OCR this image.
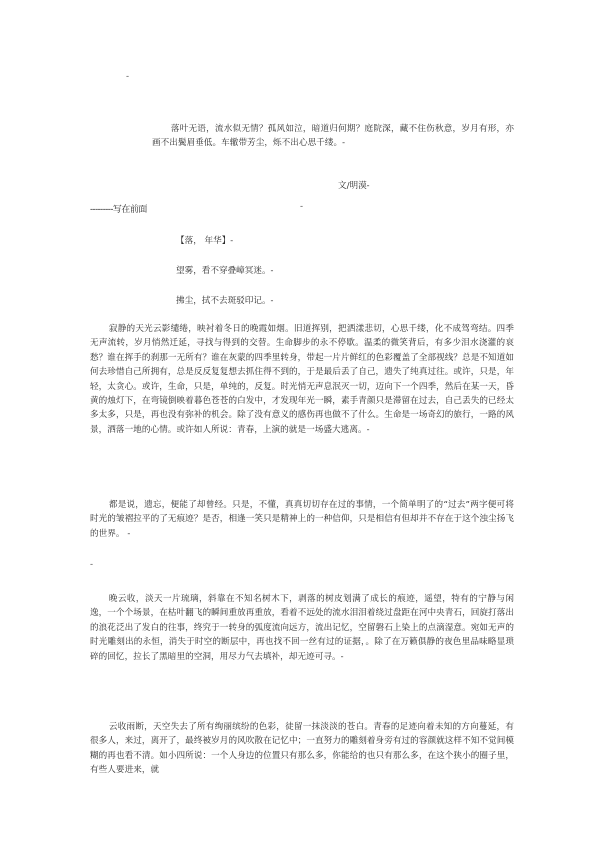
-

落叶无语，流水似无情？孤风如泣，暗道归何期？庭院深，藏不住伤秋意，岁月有形，亦画不出鬓眉垂低。车辙带芳尘，烁不出心思千缕。-

文/明漠-
---------写在前面	-
【落， 年华】-
望雾，看不穿叠嶂冥迷。-
拂尘，拭不去斑驳印记。-

寂静的天光云影缱绻，映衬着冬日的晚霞如烟。旧道挥别，把洒漾悲切，心思千缕，化不成驾弯结。四季无声流转，岁月悄然迁延，寻找与得到的交替。生命脚步的永不停歇。温柔的微笑背后，有多少泪水浇灌的哀愁？谁在挥手的刹那一无所有？谁在灰蒙的四季里转身，带起一片片鲜红的色彩覆盖了全部视线？总是不知道如何去珍惜自己所拥有，总是反反复复想去抓住得不到的，于是最后丢了自己，遗失了纯真过往。或许，只是，年轻，太贪心。或许，生命，只是，单纯的，反复。时光悄无声息泯灭一切，迈向下一个四季，然后在某一天，昏黄的烛灯下，在弯镜倒映着暮色苍苍的白发中，才发现年光一瞬，素手青颜只是滞留在过去，自己丢失的已经太多太多，只是，再也没有弥补的机会。除了没有意义的感伤再也做不了什么。生命是一场奇幻的旅行，一路的风景，洒落一地的心情。或许如人所说：青春，上演的就是一场盛大逃离。-

都是说，遗忘，便能了却曾经。只是，不懂，真真切切存在过的事情，一个简单明了的“过去”两字便可将时光的皱褶拉平的了无痕迹？是否，相逢一笑只是精神上的一种信仰，只是相信有但却并不存在于这个浊尘扬飞的世界。 -

-

晚云收，淡天一片琉璃，斜靠在不知名树木下，剥落的树皮划满了成长的痕迹，遥望，特有的宁静与闲逸，一个个场景，在枯叶翻飞的瞬间重放再重放，看着不远处的流水泪泪着绕过盘距在河中央青石，回旋打落出的浪花泛出了发白的往事，终究于一转身的弧度流向远方，流出记忆，空留磐石上染上的点滴湿意。宛如无声的时光雕刻出的永恒，消失于时空的断层中，再也找不回一丝有过的证据，。除了在万籁俱静的夜色里品味略显琐碎的回忆，拉长了黑暗里的空洞，用尽力气去填补，却无迹可寻。-

云收雨断，天空失去了所有绚丽缤纷的色彩，徒留一抹淡淡的苍白。青春的足迹向着未知的方向蔓延，有很多人，来过，离开了，最终被岁月的风吹散在记忆中；一直努力的雕刻着身旁有过的容颜就这样不知不觉间模糊的再也看不清。如小四所说：一个人身边的位置只有那么多，你能给的也只有那么多，在这个狭小的圈子里，有些人要进来，就
